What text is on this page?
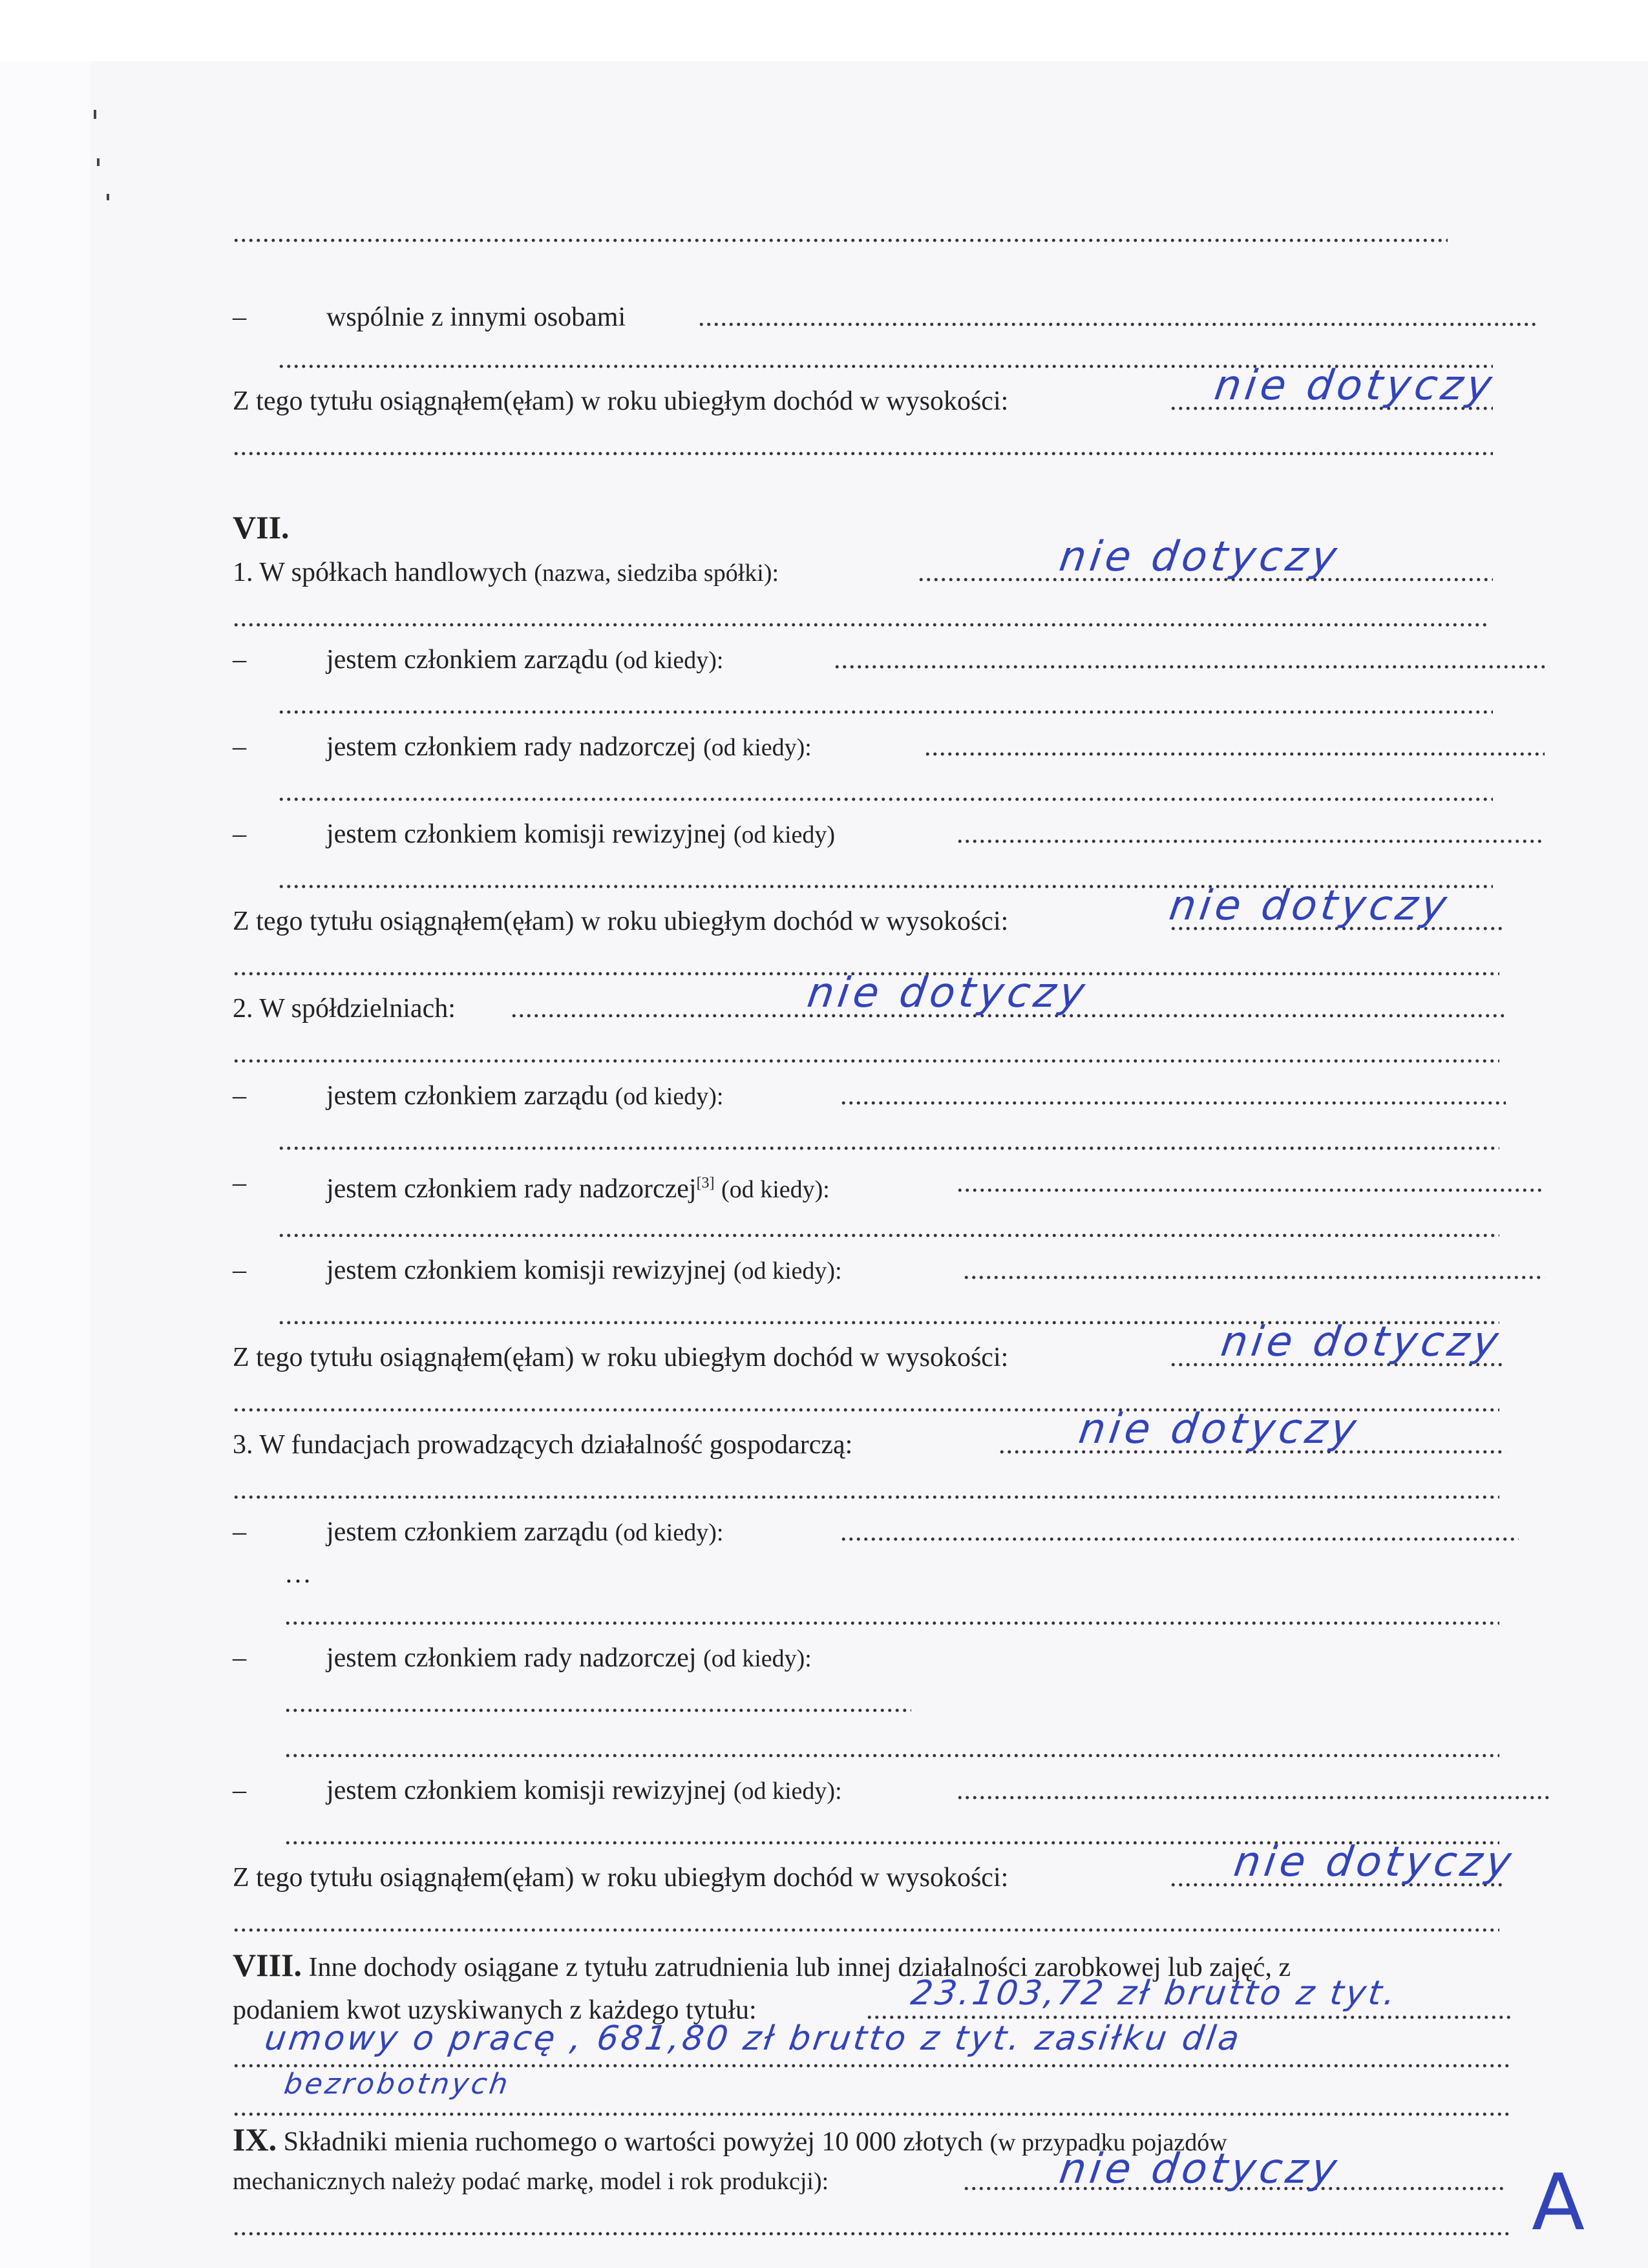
.....
–	wspólnie z innymi osobami
.....
.....
Z tego tytułu osiągnąłem(ęłam) w roku ubiegłym dochód w wysokości: .....	nie dotyczy
.....
VII.
1. W spółkach handlowych (nazwa, siedziba spółki): .....	nie dotyczy
.....
–	jestem członkiem zarządu (od kiedy):
.....
.....
–	jestem członkiem rady nadzorczej (od kiedy):
.....
.....
–	jestem członkiem komisji rewizyjnej (od kiedy)
.....
.....
Z tego tytułu osiągnąłem(ęłam) w roku ubiegłym dochód w wysokości: .....	nie dotyczy
.....
2. W spółdzielniach: .....	nie dotyczy
.....
–	jestem członkiem zarządu (od kiedy):
.....
.....
–	jestem członkiem rady nadzorczej[3] (od kiedy):
.....
.....
–	jestem członkiem komisji rewizyjnej (od kiedy):
.....
.....
Z tego tytułu osiągnąłem(ęłam) w roku ubiegłym dochód w wysokości: .....	nie dotyczy
.....
3. W fundacjach prowadzących działalność gospodarczą: .....	nie dotyczy
.....
–	jestem członkiem zarządu (od kiedy):
.....
…
.....
–	jestem członkiem rady nadzorczej (od kiedy):
.....
.....
–	jestem członkiem komisji rewizyjnej (od kiedy):
.....
.....
Z tego tytułu osiągnąłem(ęłam) w roku ubiegłym dochód w wysokości: .....	nie dotyczy
.....
VIII. Inne dochody osiągane z tytułu zatrudnienia lub innej działalności zarobkowej lub zajęć, z
podaniem kwot uzyskiwanych z każdego tytułu: .....	23.103,72 zł brutto z tyt.
.....
umowy o pracę , 681,80 zł brutto z tyt. zasiłku dla
.....
bezrobotnych
IX. Składniki mienia ruchomego o wartości powyżej 10 000 złotych (w przypadku pojazdów
mechanicznych należy podać markę, model i rok produkcji): .....	nie dotyczy ..... A
